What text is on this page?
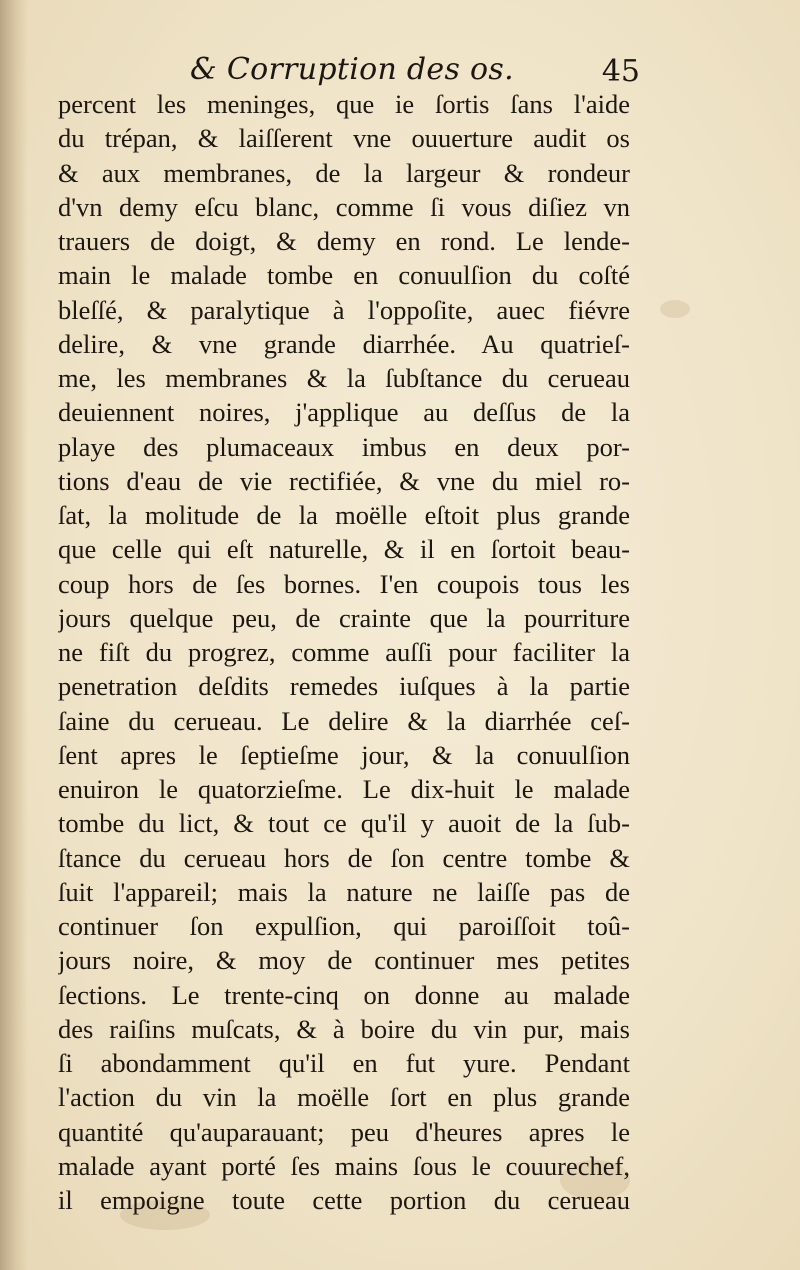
& Corruption des os.	45
percent les meninges, que ie ſortis ſans l'aide
du trépan, & laiſſerent vne ouuerture audit os
& aux membranes, de la largeur & rondeur
d'vn demy eſcu blanc, comme ſi vous diſiez vn
trauers de doigt, & demy en rond. Le lende-
main le malade tombe en conuulſion du coſté
bleſſé, & paralytique à l'oppoſite, auec fiévre
delire, & vne grande diarrhée. Au quatrieſ-
me, les membranes & la ſubſtance du cerueau
deuiennent noires, j'applique au deſſus de la
playe des plumaceaux imbus en deux por-
tions d'eau de vie rectifiée, & vne du miel ro-
ſat, la molitude de la moëlle eſtoit plus grande
que celle qui eſt naturelle, & il en ſortoit beau-
coup hors de ſes bornes. I'en coupois tous les
jours quelque peu, de crainte que la pourriture
ne fiſt du progrez, comme auſſi pour faciliter la
penetration deſdits remedes iuſques à la partie
ſaine du cerueau. Le delire & la diarrhée ceſ-
ſent apres le ſeptieſme jour, & la conuulſion
enuiron le quatorzieſme. Le dix-huit le malade
tombe du lict, & tout ce qu'il y auoit de la ſub-
ſtance du cerueau hors de ſon centre tombe &
ſuit l'appareil; mais la nature ne laiſſe pas de
continuer ſon expulſion, qui paroiſſoit toû-
jours noire, & moy de continuer mes petites
ſections. Le trente-cinq on donne au malade
des raiſins muſcats, & à boire du vin pur, mais
ſi abondamment qu'il en fut yure. Pendant
l'action du vin la moëlle ſort en plus grande
quantité qu'auparauant; peu d'heures apres le
malade ayant porté ſes mains ſous le couurechef,
il empoigne toute cette portion du cerueau
